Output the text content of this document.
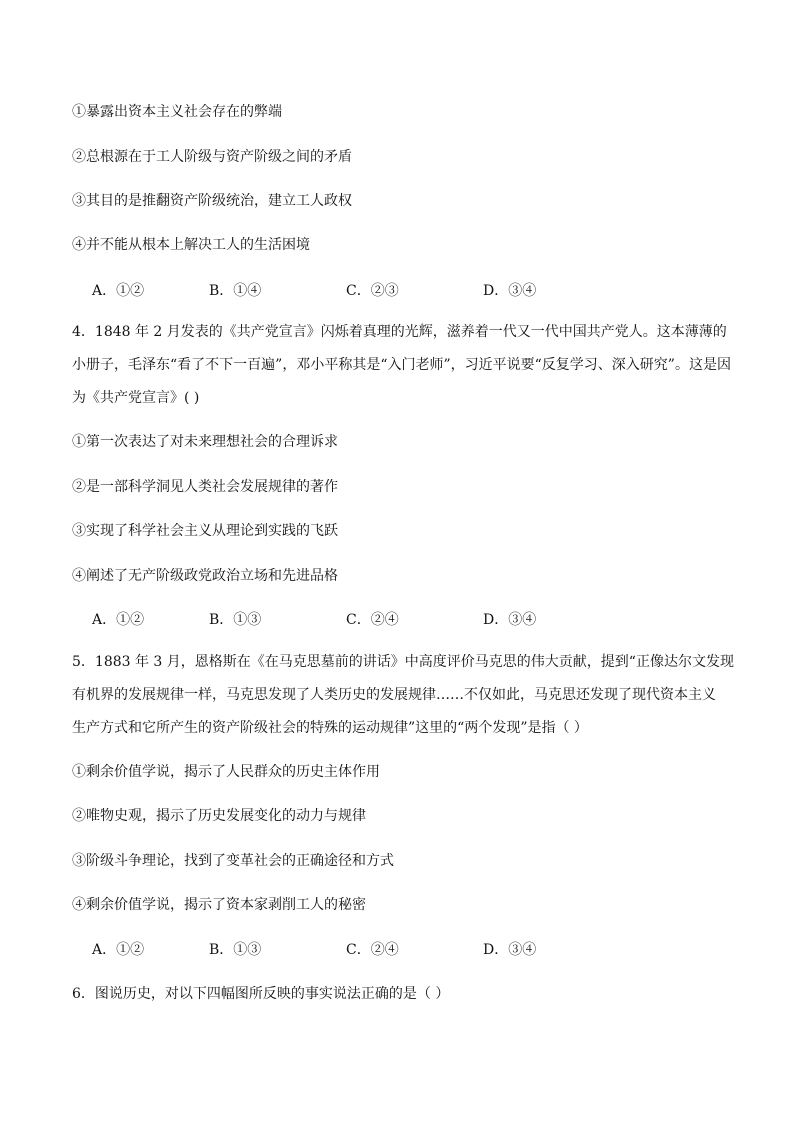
①暴露出资本主义社会存在的弊端
②总根源在于工人阶级与资产阶级之间的矛盾
③其目的是推翻资产阶级统治，建立工人政权
④并不能从根本上解决工人的生活困境
A．①②	B．①④	C．②③	D．③④
4．1848 年 2 月发表的《共产党宣言》闪烁着真理的光辉，滋养着一代又一代中国共产党人。这本薄薄的
小册子，毛泽东“看了不下一百遍”，邓小平称其是“入门老师”，习近平说要“反复学习、深入研究”。这是因
为《共产党宣言》( )
①第一次表达了对未来理想社会的合理诉求
②是一部科学洞见人类社会发展规律的著作
③实现了科学社会主义从理论到实践的飞跃
④阐述了无产阶级政党政治立场和先进品格
A．①②	B．①③	C．②④	D．③④
5．1883 年 3 月，恩格斯在《在马克思墓前的讲话》中高度评价马克思的伟大贡献，提到“正像达尔文发现
有机界的发展规律一样，马克思发现了人类历史的发展规律……不仅如此，马克思还发现了现代资本主义
生产方式和它所产生的资产阶级社会的特殊的运动规律”这里的“两个发现”是指（ ）
①剩余价值学说，揭示了人民群众的历史主体作用
②唯物史观，揭示了历史发展变化的动力与规律
③阶级斗争理论，找到了变革社会的正确途径和方式
④剩余价值学说，揭示了资本家剥削工人的秘密
A．①②	B．①③	C．②④	D．③④
6．图说历史，对以下四幅图所反映的事实说法正确的是（ ）
